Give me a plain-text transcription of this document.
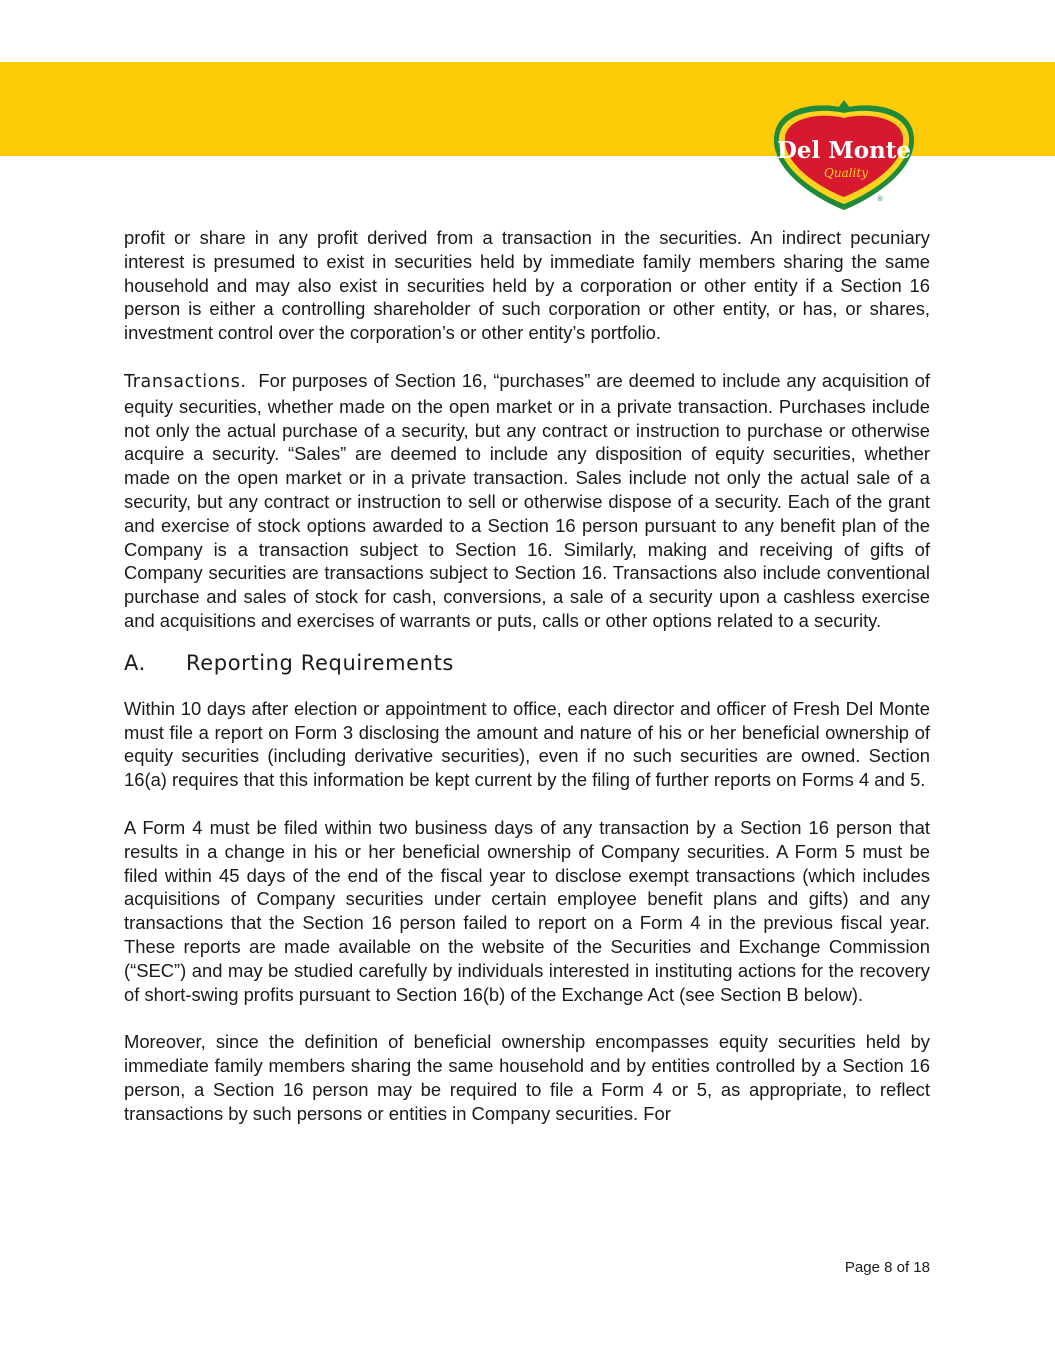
Del Monte
Quality
®

profit or share in any profit derived from a transaction in the securities. An indirect pecuniary interest is presumed to exist in securities held by immediate family members sharing the same household and may also exist in securities held by a corporation or other entity if a Section 16 person is either a controlling shareholder of such corporation or other entity, or has, or shares, investment control over the corporation’s or other entity’s portfolio.

Transactions. For purposes of Section 16, “purchases” are deemed to include any acquisition of equity securities, whether made on the open market or in a private transaction. Purchases include not only the actual purchase of a security, but any contract or instruction to purchase or otherwise acquire a security. “Sales” are deemed to include any disposition of equity securities, whether made on the open market or in a private transaction. Sales include not only the actual sale of a security, but any contract or instruction to sell or otherwise dispose of a security. Each of the grant and exercise of stock options awarded to a Section 16 person pursuant to any benefit plan of the Company is a transaction subject to Section 16. Similarly, making and receiving of gifts of Company securities are transactions subject to Section 16. Transactions also include conventional purchase and sales of stock for cash, conversions, a sale of a security upon a cashless exercise and acquisitions and exercises of warrants or puts, calls or other options related to a security.

A. Reporting Requirements

Within 10 days after election or appointment to office, each director and officer of Fresh Del Monte must file a report on Form 3 disclosing the amount and nature of his or her beneficial ownership of equity securities (including derivative securities), even if no such securities are owned. Section 16(a) requires that this information be kept current by the filing of further reports on Forms 4 and 5.

A Form 4 must be filed within two business days of any transaction by a Section 16 person that results in a change in his or her beneficial ownership of Company securities. A Form 5 must be filed within 45 days of the end of the fiscal year to disclose exempt transactions (which includes acquisitions of Company securities under certain employee benefit plans and gifts) and any transactions that the Section 16 person failed to report on a Form 4 in the previous fiscal year. These reports are made available on the website of the Securities and Exchange Commission (“SEC”) and may be studied carefully by individuals interested in instituting actions for the recovery of short-swing profits pursuant to Section 16(b) of the Exchange Act (see Section B below).

Moreover, since the definition of beneficial ownership encompasses equity securities held by immediate family members sharing the same household and by entities controlled by a Section 16 person, a Section 16 person may be required to file a Form 4 or 5, as appropriate, to reflect transactions by such persons or entities in Company securities. For

Page 8 of 18
